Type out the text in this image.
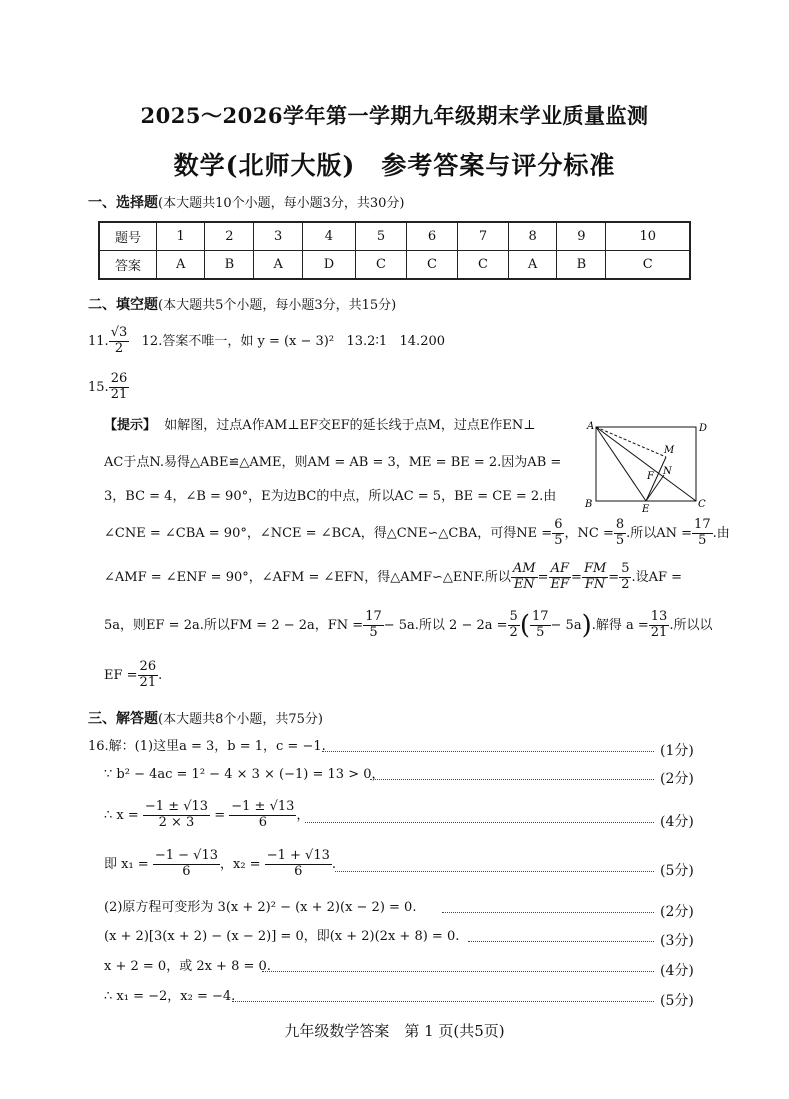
2025～2026学年第一学期九年级期末学业质量监测
数学(北师大版)　参考答案与评分标准
一、选择题(本大题共10个小题，每小题3分，共30分)
题号	1	2	3	4	5	6	7	8	9	10
答案	A	B	A	D	C	C	C	A	B	C
二、填空题(本大题共5个小题，每小题3分，共15分)
11. $\frac{√3}{2} 12$.答案不唯一，如 y = (x − 3)² 13.2∶1 14.200
15. $\frac{26}{21}$
【提示】 如解图，过点A作AM⊥EF交EF的延长线于点M，过点E作EN⊥
AC于点N.易得△ABE≌△AME，则AM = AB = 3，ME = BE = 2.因为AB =
3，BC = 4，∠B = 90°，E为边BC的中点，所以AC = 5，BE = CE = 2.由
∠CNE = ∠CBA = 90°，∠NCE = ∠BCA，得△CNE∽△CBA，可得NE = $\frac{6}{5}$ ，NC = $\frac{8}{5}$ .所以AN = $\frac{17}{5}$ .由
∠AMF = ∠ENF = 90°，∠AFM = ∠EFN，得△AMF∽△ENF.所以 $\frac{AM}{EN} = \frac{AF}{EF} = \frac{FM}{FN} = \frac{5}{2}$ .设AF =
5a，则EF = 2a.所以FM = 2 − 2a，FN = $\frac{17}{5} - 5a$.所以 $2 - 2a = \frac{5}{2}$ ( $\frac{17}{5} - 5a$).解得 $a = \frac{13}{21}$ .所以以
EF = $\frac{26}{21}$ .
A	D
B	C
E
F
M
N
三、解答题(本大题共8个小题，共75分)
16.解：(1)这里a = 3，b = 1，c = −1.	(1分)
∵ b² − 4ac = 1² − 4 × 3 × (−1) = 13 > 0，	(2分)
∴ $x = \frac{-1 \pm √13}{2 \times 3} = \frac{-1 \pm √13}{6}$ ，	(4分)
即 $x_1 = \frac{-1 - √13}{6}$ ，$x_2 = \frac{-1 + √13}{6}$ .	(5分)
(2)原方程可变形为 3(x + 2)² − (x + 2)(x − 2) = 0.	(2分)
(x + 2)[3(x + 2) − (x − 2)] = 0，即(x + 2)(2x + 8) = 0.	(3分)
x + 2 = 0，或 2x + 8 = 0.	(4分)
∴ x₁ = −2，x₂ = −4.	(5分)
九年级数学答案　第 1 页(共5页)
